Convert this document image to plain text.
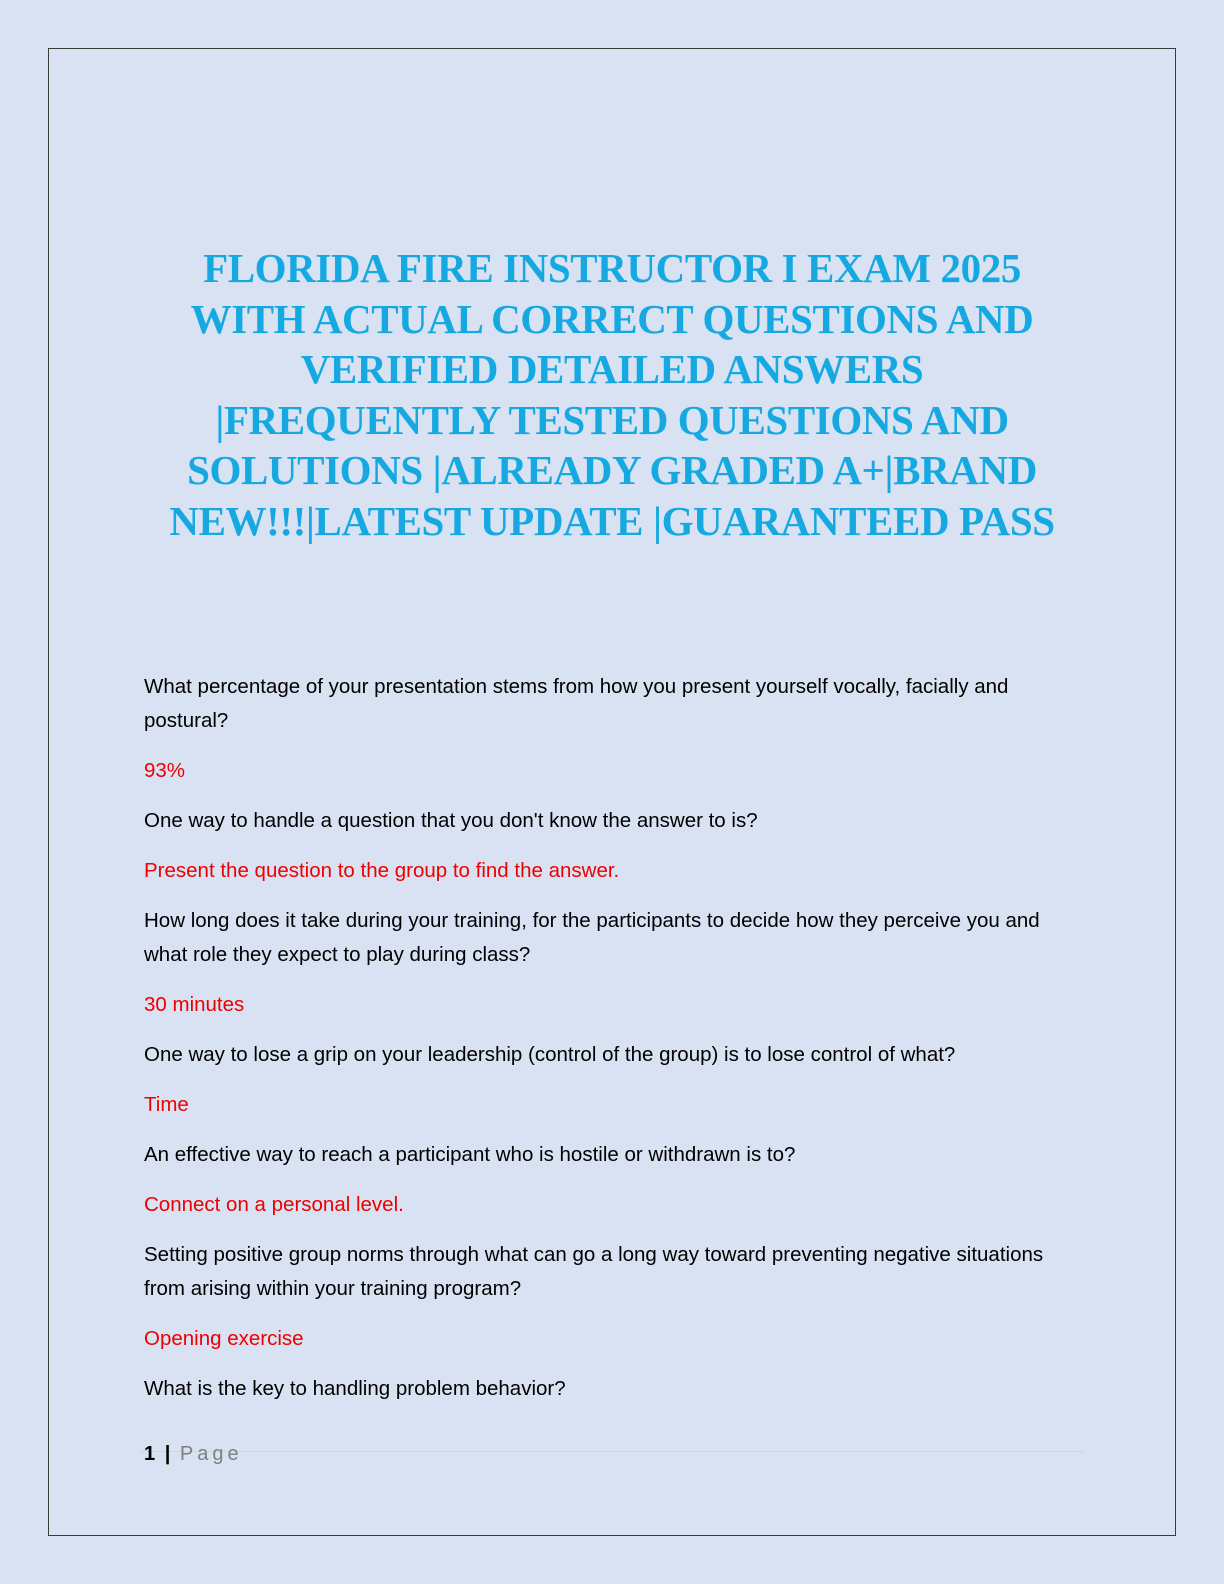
FLORIDA FIRE INSTRUCTOR I EXAM 2025
WITH ACTUAL CORRECT QUESTIONS AND
VERIFIED DETAILED ANSWERS
|FREQUENTLY TESTED QUESTIONS AND
SOLUTIONS |ALREADY GRADED A+|BRAND
NEW!!!|LATEST UPDATE |GUARANTEED PASS

What percentage of your presentation stems from how you present yourself vocally, facially and postural?

93%

One way to handle a question that you don't know the answer to is?

Present the question to the group to find the answer.

How long does it take during your training, for the participants to decide how they perceive you and what role they expect to play during class?

30 minutes

One way to lose a grip on your leadership (control of the group) is to lose control of what?

Time

An effective way to reach a participant who is hostile or withdrawn is to?

Connect on a personal level.

Setting positive group norms through what can go a long way toward preventing negative situations from arising within your training program?

Opening exercise

What is the key to handling problem behavior?

1 | Page
